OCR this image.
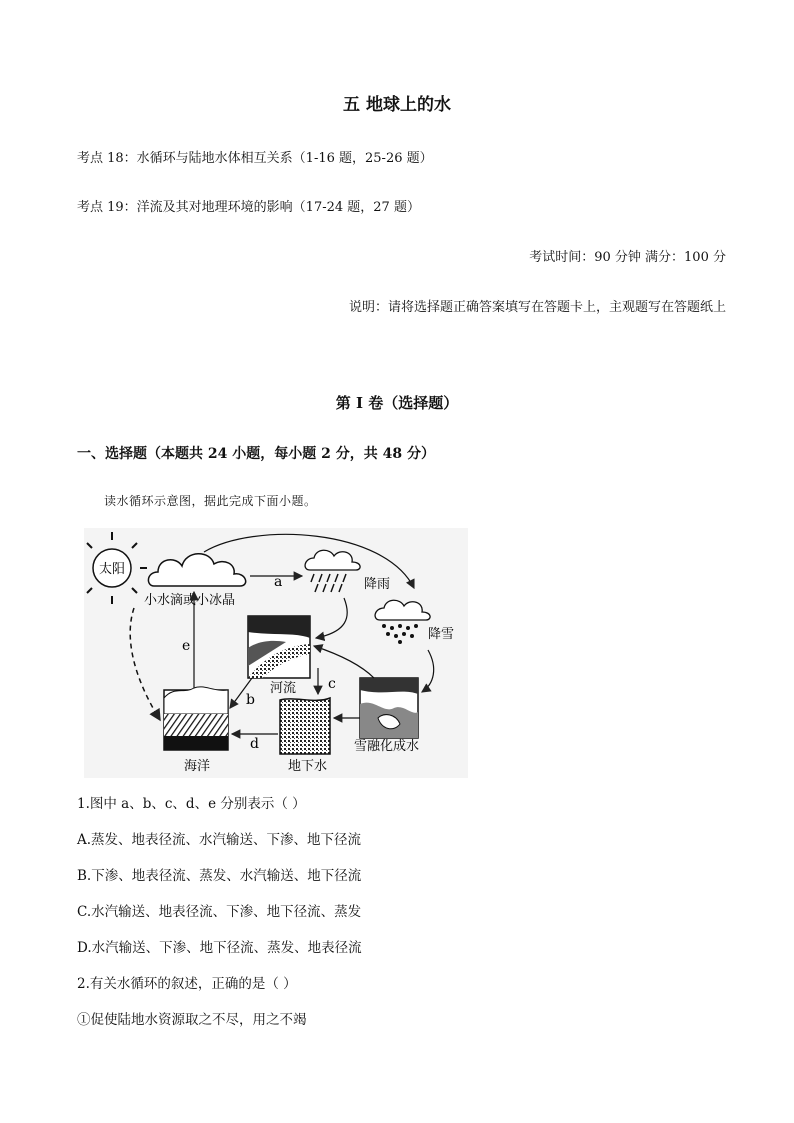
五 地球上的水
考点 18：水循环与陆地水体相互关系（1-16 题，25-26 题）
考点 19：洋流及其对地理环境的影响（17-24 题，27 题）
考试时间：90 分钟 满分：100 分
说明：请将选择题正确答案填写在答题卡上，主观题写在答题纸上
第 I 卷（选择题）
一、选择题（本题共 24 小题，每小题 2 分，共 48 分）
读水循环示意图，据此完成下面小题。
太阳
小水滴或小冰晶
降雨
降雪
河流
海洋	地下水
雪融化成水
e
a
b
c
d
1.图中 a、b、c、d、e 分别表示（ ）
A.蒸发、地表径流、水汽输送、下渗、地下径流
B.下渗、地表径流、蒸发、水汽输送、地下径流
C.水汽输送、地表径流、下渗、地下径流、蒸发
D.水汽输送、下渗、地下径流、蒸发、地表径流
2.有关水循环的叙述，正确的是（ ）
①促使陆地水资源取之不尽，用之不竭
